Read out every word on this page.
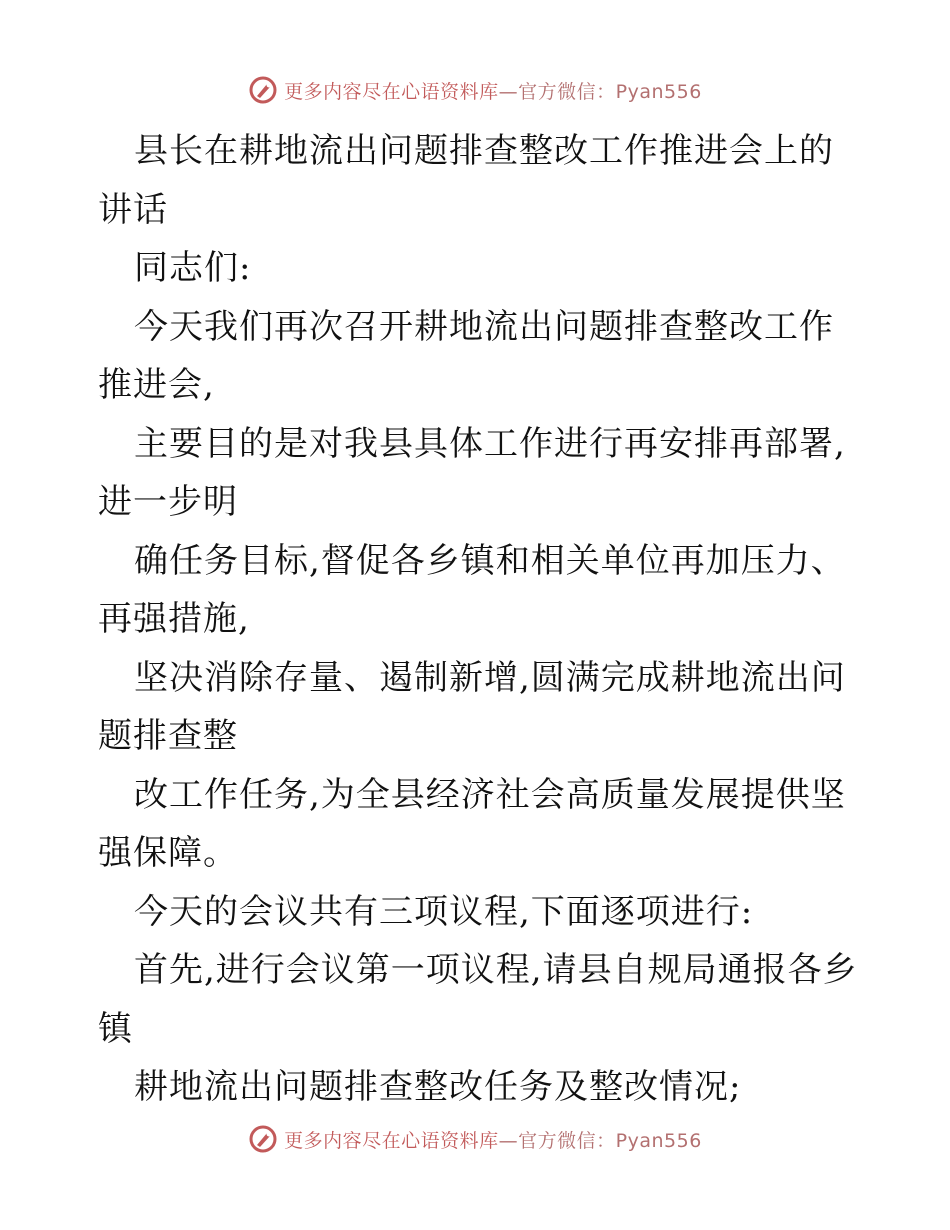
更多内容尽在心语资料库—官方微信：Pyan556

县长在耕地流出问题排查整改工作推进会上的讲话

同志们:

今天我们再次召开耕地流出问题排查整改工作推进会,

主要目的是对我县具体工作进行再安排再部署,进一步明

确任务目标,督促各乡镇和相关单位再加压力、再强措施,

坚决消除存量、遏制新增,圆满完成耕地流出问题排查整

改工作任务,为全县经济社会高质量发展提供坚强保障。

今天的会议共有三项议程,下面逐项进行:

首先,进行会议第一项议程,请县自规局通报各乡镇

耕地流出问题排查整改任务及整改情况;

更多内容尽在心语资料库—官方微信：Pyan556
